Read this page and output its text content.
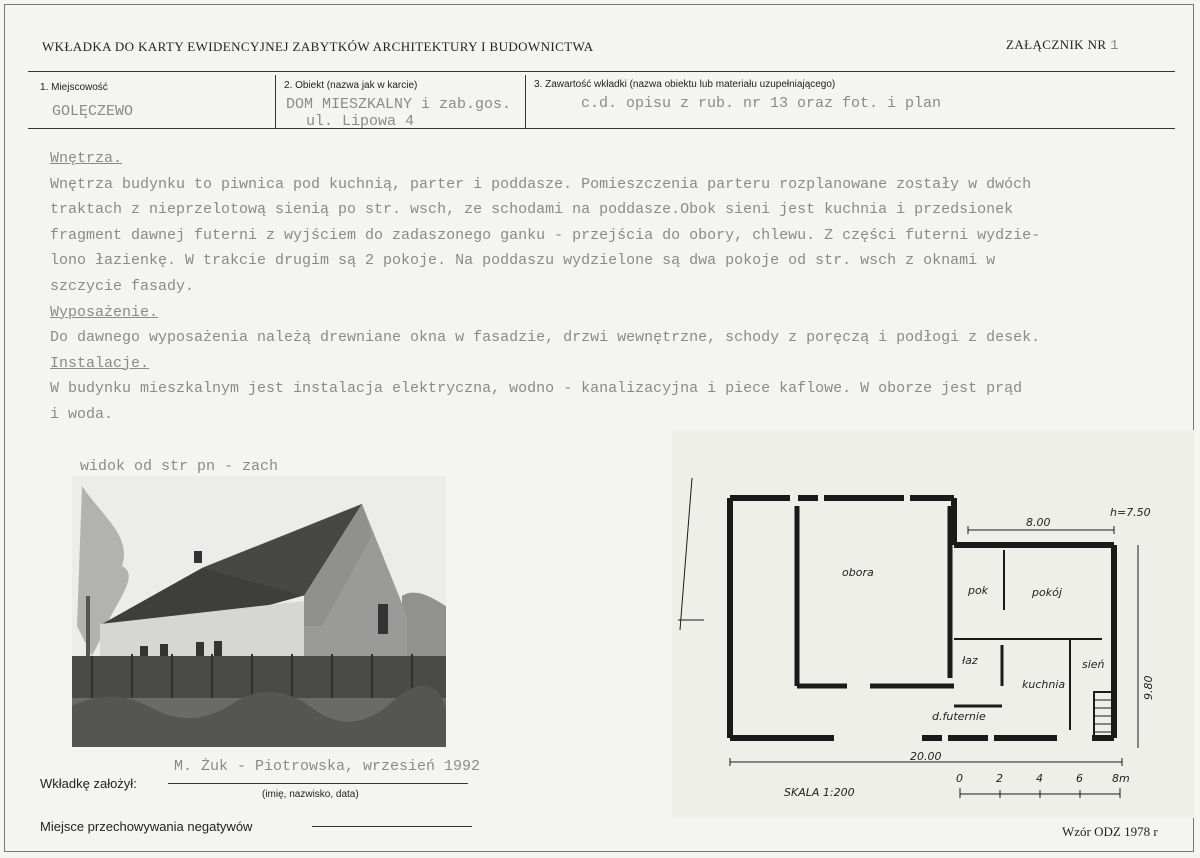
WKŁADKA DO KARTY EWIDENCYJNEJ ZABYTKÓW ARCHITEKTURY I BUDOWNICTWA	ZAŁĄCZNIK NR 1
1. Miejscowość
GOLĘCZEWO
2. Obiekt (nazwa jak w karcie)
DOM MIESZKALNY i zab.gos.
ul. Lipowa 4
3. Zawartość wkładki (nazwa obiektu lub materiału uzupełniającego)
c.d. opisu z rub. nr 13 oraz fot. i plan
Wnętrza.
Wnętrza budynku to piwnica pod kuchnią, parter i poddasze. Pomieszczenia parteru rozplanowane zostały w dwóch
traktach z nieprzelotową sienią po str. wsch, ze schodami na poddasze.Obok sieni jest kuchnia i przedsionek
fragment dawnej futerni z wyjściem do zadaszonego ganku - przejścia do obory, chlewu. Z części futerni wydzie-
lono łazienkę. W trakcie drugim są 2 pokoje. Na poddaszu wydzielone są dwa pokoje od str. wsch z oknami w
szczycie fasady.
Wyposażenie.
Do dawnego wyposażenia należą drewniane okna w fasadzie, drzwi wewnętrzne, schody z poręczą i podłogi z desek.
Instalacje.
W budynku mieszkalnym jest instalacja elektryczna, wodno - kanalizacyjna i piece kaflowe. W oborze jest prąd
i woda.
widok od str pn - zach
obora
pok	pokój
łaz
kuchnia
sień
d.futernie
h=7.50
8.00
20.00
9.80
SKALA 1:200
0	2	4	6	8m
Wkładkę założył:
M. Żuk - Piotrowska, wrzesień 1992
(imię, nazwisko, data)
Miejsce przechowywania negatywów	Wzór ODZ 1978 r
